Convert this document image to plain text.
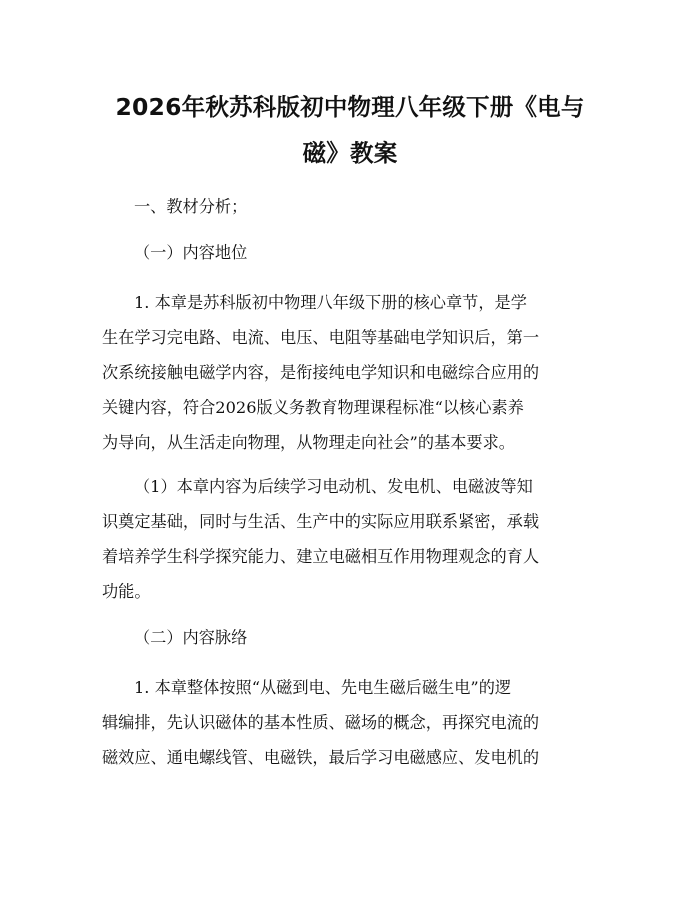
2026年秋苏科版初中物理八年级下册《电与
磁》教案

一、教材分析；

（一）内容地位

1. 本章是苏科版初中物理八年级下册的核心章节，是学
生在学习完电路、电流、电压、电阻等基础电学知识后，第一
次系统接触电磁学内容，是衔接纯电学知识和电磁综合应用的
关键内容，符合2026版义务教育物理课程标准“以核心素养
为导向，从生活走向物理，从物理走向社会”的基本要求。

（1）本章内容为后续学习电动机、发电机、电磁波等知
识奠定基础，同时与生活、生产中的实际应用联系紧密，承载
着培养学生科学探究能力、建立电磁相互作用物理观念的育人
功能。

（二）内容脉络

1. 本章整体按照“从磁到电、先电生磁后磁生电”的逻
辑编排，先认识磁体的基本性质、磁场的概念，再探究电流的
磁效应、通电螺线管、电磁铁，最后学习电磁感应、发电机的
